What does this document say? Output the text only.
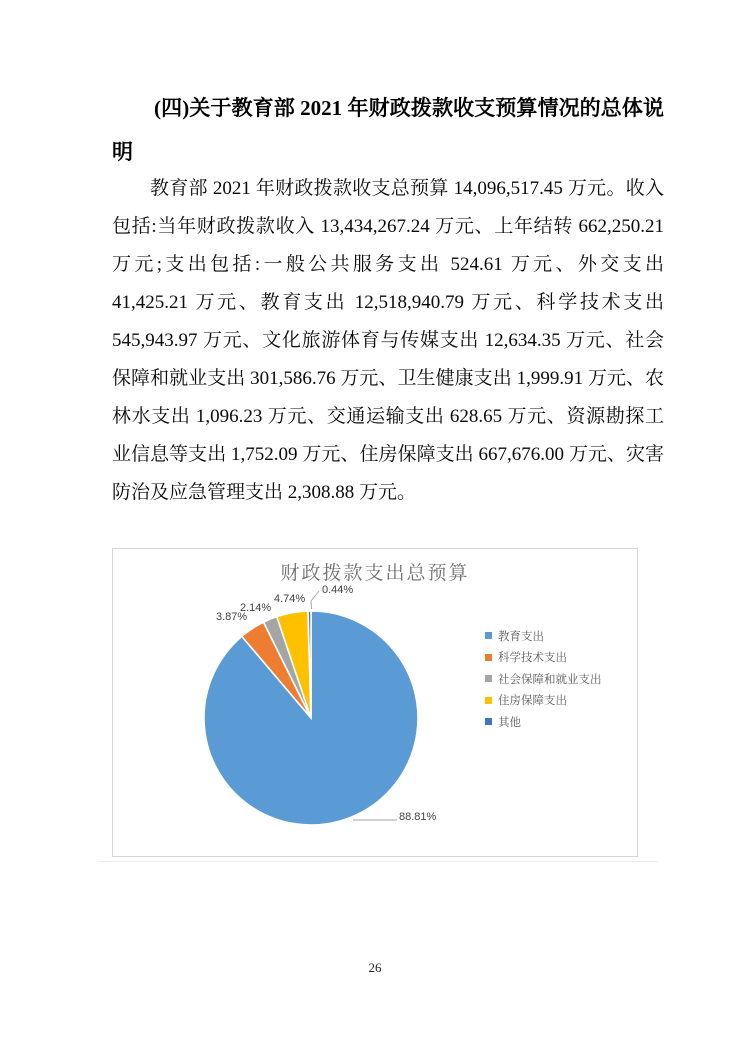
(四)关于教育部 2021 年财政拨款收支预算情况的总体说明

教育部 2021 年财政拨款收支总预算 14,096,517.45 万元。收入包括:当年财政拨款收入 13,434,267.24 万元、上年结转 662,250.21 万元;支出包括:一般公共服务支出 524.61 万元、外交支出 41,425.21 万元、教育支出 12,518,940.79 万元、科学技术支出 545,943.97 万元、文化旅游体育与传媒支出 12,634.35 万元、社会保障和就业支出 301,586.76 万元、卫生健康支出 1,999.91 万元、农林水支出 1,096.23 万元、交通运输支出 628.65 万元、资源勘探工业信息等支出 1,752.09 万元、住房保障支出 667,676.00 万元、灾害防治及应急管理支出 2,308.88 万元。

财政拨款支出总预算
88.81%
3.87%
2.14%
4.74%
0.44%
教育支出
科学技术支出
社会保障和就业支出
住房保障支出
其他
26
